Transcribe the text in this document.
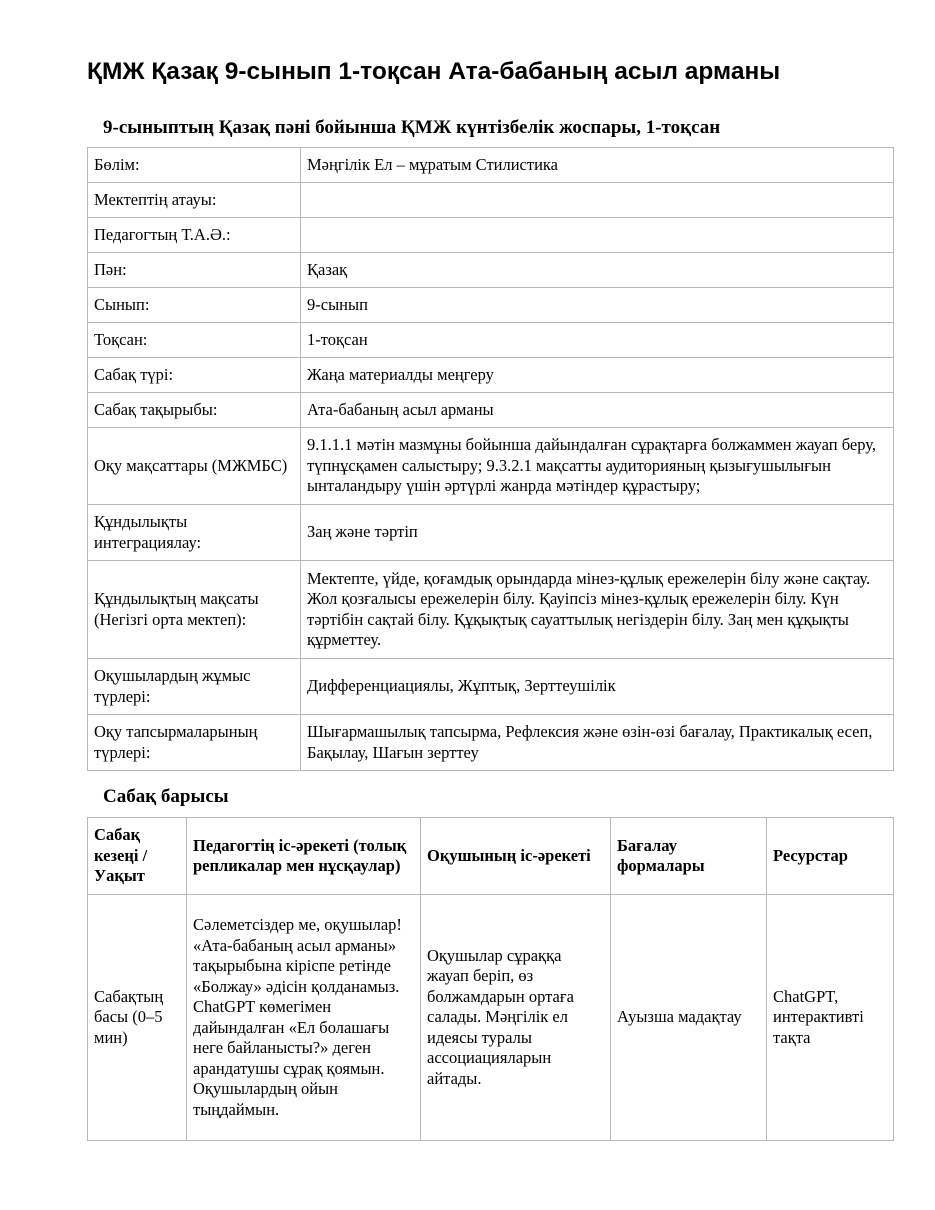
ҚМЖ Қазақ 9-сынып 1-тоқсан Ата-бабаның асыл арманы
9-сыныптың Қазақ пәні бойынша ҚМЖ күнтізбелік жоспары, 1-тоқсан
Бөлім:	Мәңгілік Ел – мұратым Стилистика
Мектептің атауы:	
Педагогтың Т.А.Ә.:	
Пән:	Қазақ
Сынып:	9-сынып
Тоқсан:	1-тоқсан
Сабақ түрі:	Жаңа материалды меңгеру
Сабақ тақырыбы:	Ата-бабаның асыл арманы
Оқу мақсаттары (МЖМБС)	9.1.1.1 мәтін мазмұны бойынша дайындалған сұрақтарға болжаммен жауап беру, түпнұсқамен салыстыру; 9.3.2.1 мақсатты аудиторияның қызығушылығын ынталандыру үшін әртүрлі жанрда мәтіндер құрастыру;
Құндылықты интеграциялау:	Заң және тәртіп
Құндылықтың мақсаты (Негізгі орта мектеп):	Мектепте, үйде, қоғамдық орындарда мінез-құлық ережелерін білу және сақтау. Жол қозғалысы ережелерін білу. Қауіпсіз мінез-құлық ережелерін білу. Күн тәртібін сақтай білу. Құқықтық сауаттылық негіздерін білу. Заң мен құқықты құрметтеу.
Оқушылардың жұмыс түрлері:	Дифференциациялы, Жұптық, Зерттеушілік
Оқу тапсырмаларының түрлері:	Шығармашылық тапсырма, Рефлексия және өзін-өзі бағалау, Практикалық есеп, Бақылау, Шағын зерттеу
Сабақ барысы
Сабақ кезеңі / Уақыт	Педагогтің іс-әрекеті (толық репликалар мен нұсқаулар)	Оқушының іс-әрекеті	Бағалау формалары	Ресурстар
Сабақтың басы (0–5 мин)	Сәлеметсіздер ме, оқушылар! «Ата-бабаның асыл арманы» тақырыбына кіріспе ретінде «Болжау» әдісін қолданамыз. ChatGPT көмегімен дайындалған «Ел болашағы неге байланысты?» деген арандатушы сұрақ қоямын. Оқушылардың ойын тыңдаймын.	Оқушылар сұраққа жауап беріп, өз болжамдарын ортаға салады. Мәңгілік ел идеясы туралы ассоциацияларын айтады.	Ауызша мадақтау	ChatGPT, интерактивті тақта
